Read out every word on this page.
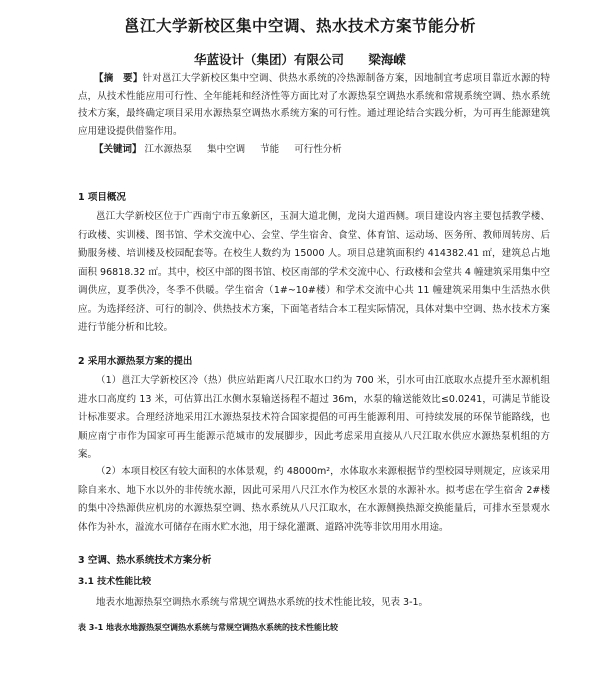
邕江大学新校区集中空调、热水技术方案节能分析
华蓝设计（集团）有限公司 梁海嵘
【摘　要】针对邕江大学新校区集中空调、供热水系统的冷热源制备方案，因地制宜考虑项目靠近水源的特点，从技术性能应用可行性、全年能耗和经济性等方面比对了水源热泵空调热水系统和常规系统空调、热水系统技术方案，最终确定项目采用水源热泵空调热水系统方案的可行性。通过理论结合实践分析，为可再生能源建筑应用建设提供借鉴作用。
【关键词】 江水源热泵 集中空调 节能 可行性分析
1 项目概况
邕江大学新校区位于广西南宁市五象新区，玉洞大道北侧，龙岗大道西侧。项目建设内容主要包括教学楼、行政楼、实训楼、图书馆、学术交流中心、会堂、学生宿舍、食堂、体育馆、运动场、医务所、教师周转房、后勤服务楼、培训楼及校园配套等。在校生人数约为 15000 人。项目总建筑面积约 414382.41 ㎡，建筑总占地面积 96818.32 ㎡。其中，校区中部的图书馆、校区南部的学术交流中心、行政楼和会堂共 4 幢建筑采用集中空调供应，夏季供冷，冬季不供暖。学生宿舍（1#~10#楼）和学术交流中心共 11 幢建筑采用集中生活热水供应。为选择经济、可行的制冷、供热技术方案，下面笔者结合本工程实际情况，具体对集中空调、热水技术方案进行节能分析和比较。
2 采用水源热泵方案的提出
（1）邕江大学新校区冷（热）供应站距离八尺江取水口约为 700 米，引水可由江底取水点提升至水源机组进水口高度约 13 米，可估算出江水侧水泵输送扬程不超过 36m，水泵的输送能效比≤0.0241，可满足节能设计标准要求。合理经济地采用江水源热泵技术符合国家提倡的可再生能源利用、可持续发展的环保节能路线，也顺应南宁市作为国家可再生能源示范城市的发展脚步，因此考虑采用直接从八尺江取水供应水源热泵机组的方案。
（2）本项目校区有较大面积的水体景观，约 48000m²，水体取水来源根据节约型校园导则规定，应该采用除自来水、地下水以外的非传统水源，因此可采用八尺江水作为校区水景的水源补水。拟考虑在学生宿舍 2#楼的集中冷热源供应机房的水源热泵空调、热水系统从八尺江取水，在水源侧换热源交换能量后，可排水至景观水体作为补水，溢流水可储存在雨水贮水池，用于绿化灌溉、道路冲洗等非饮用用水用途。
3 空调、热水系统技术方案分析
3.1 技术性能比较
地表水地源热泵空调热水系统与常规空调热水系统的技术性能比较，见表 3-1。
表 3-1 地表水地源热泵空调热水系统与常规空调热水系统的技术性能比较
